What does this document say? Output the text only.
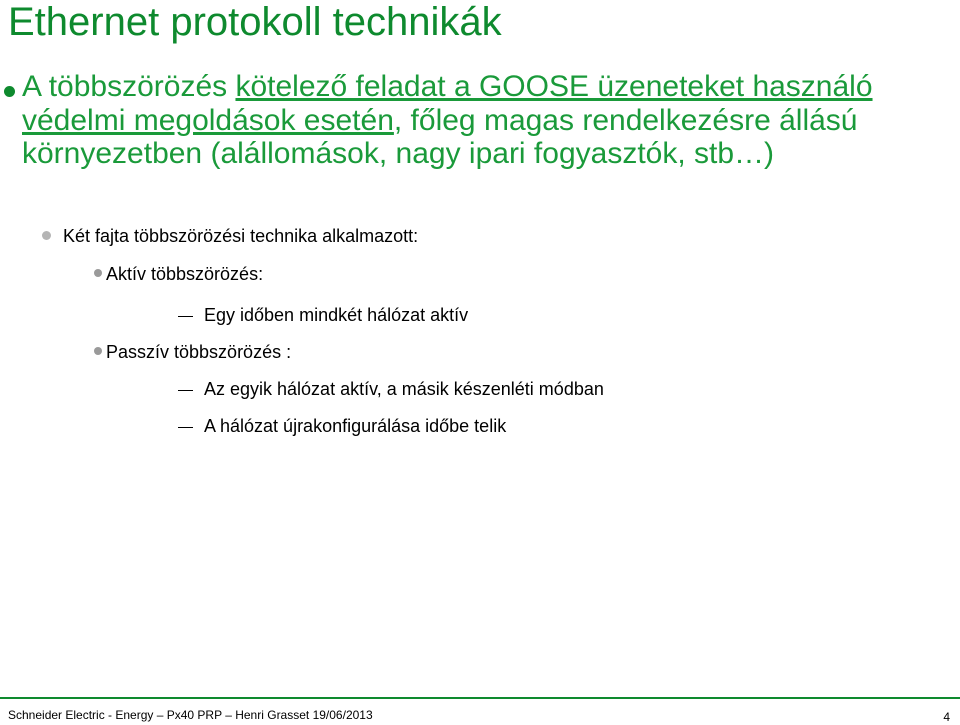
Ethernet protokoll technikák
A többszörözés kötelező feladat a GOOSE üzeneteket használó védelmi megoldások esetén, főleg magas rendelkezésre állású környezetben (alállomások, nagy ipari fogyasztók, stb…)
Két fajta többszörözési technika alkalmazott:
Aktív többszörözés:
Egy időben mindkét hálózat aktív
Passzív többszörözés :
Az egyik hálózat aktív, a másik készenléti módban
A hálózat újrakonfigurálása időbe telik
Schneider Electric - Energy – Px40 PRP – Henri Grasset 19/06/2013	4
